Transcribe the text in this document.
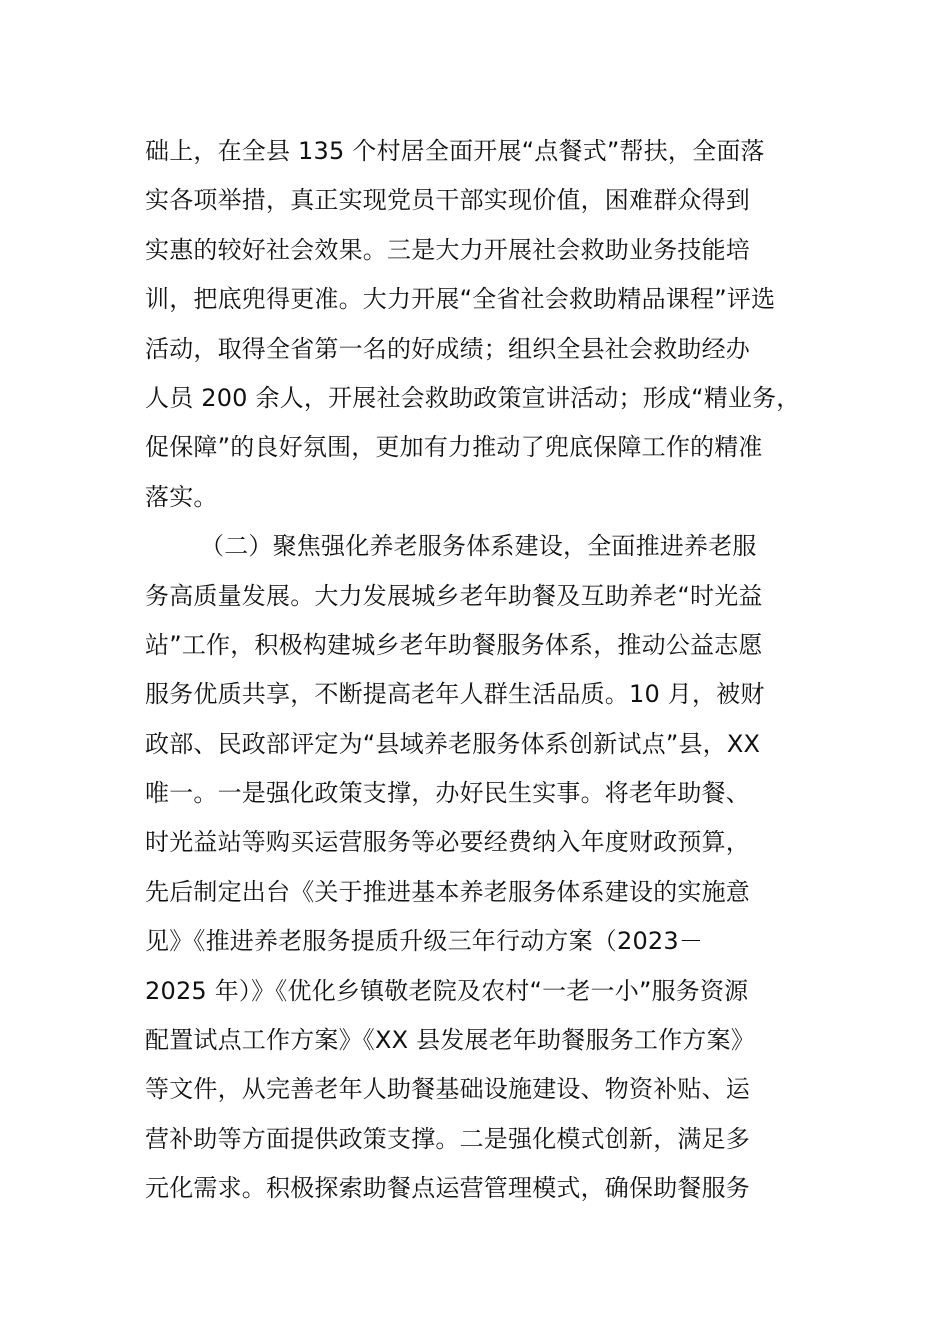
础上，在全县 135 个村居全面开展“点餐式”帮扶，全面落
实各项举措，真正实现党员干部实现价值，困难群众得到
实惠的较好社会效果。三是大力开展社会救助业务技能培
训，把底兜得更准。大力开展“全省社会救助精品课程”评选
活动，取得全省第一名的好成绩；组织全县社会救助经办
人员 200 余人，开展社会救助政策宣讲活动；形成“精业务，
促保障”的良好氛围，更加有力推动了兜底保障工作的精准
落实。
（二）聚焦强化养老服务体系建设，全面推进养老服
务高质量发展。大力发展城乡老年助餐及互助养老“时光益
站”工作，积极构建城乡老年助餐服务体系，推动公益志愿
服务优质共享，不断提高老年人群生活品质。10 月，被财
政部、民政部评定为“县域养老服务体系创新试点”县，XX
唯一。一是强化政策支撑，办好民生实事。将老年助餐、
时光益站等购买运营服务等必要经费纳入年度财政预算，
先后制定出台《关于推进基本养老服务体系建设的实施意
见》《推进养老服务提质升级三年行动方案（2023－
2025 年）》《优化乡镇敬老院及农村“一老一小”服务资源
配置试点工作方案》《XX 县发展老年助餐服务工作方案》
等文件，从完善老年人助餐基础设施建设、物资补贴、运
营补助等方面提供政策支撑。二是强化模式创新，满足多
元化需求。积极探索助餐点运营管理模式，确保助餐服务
